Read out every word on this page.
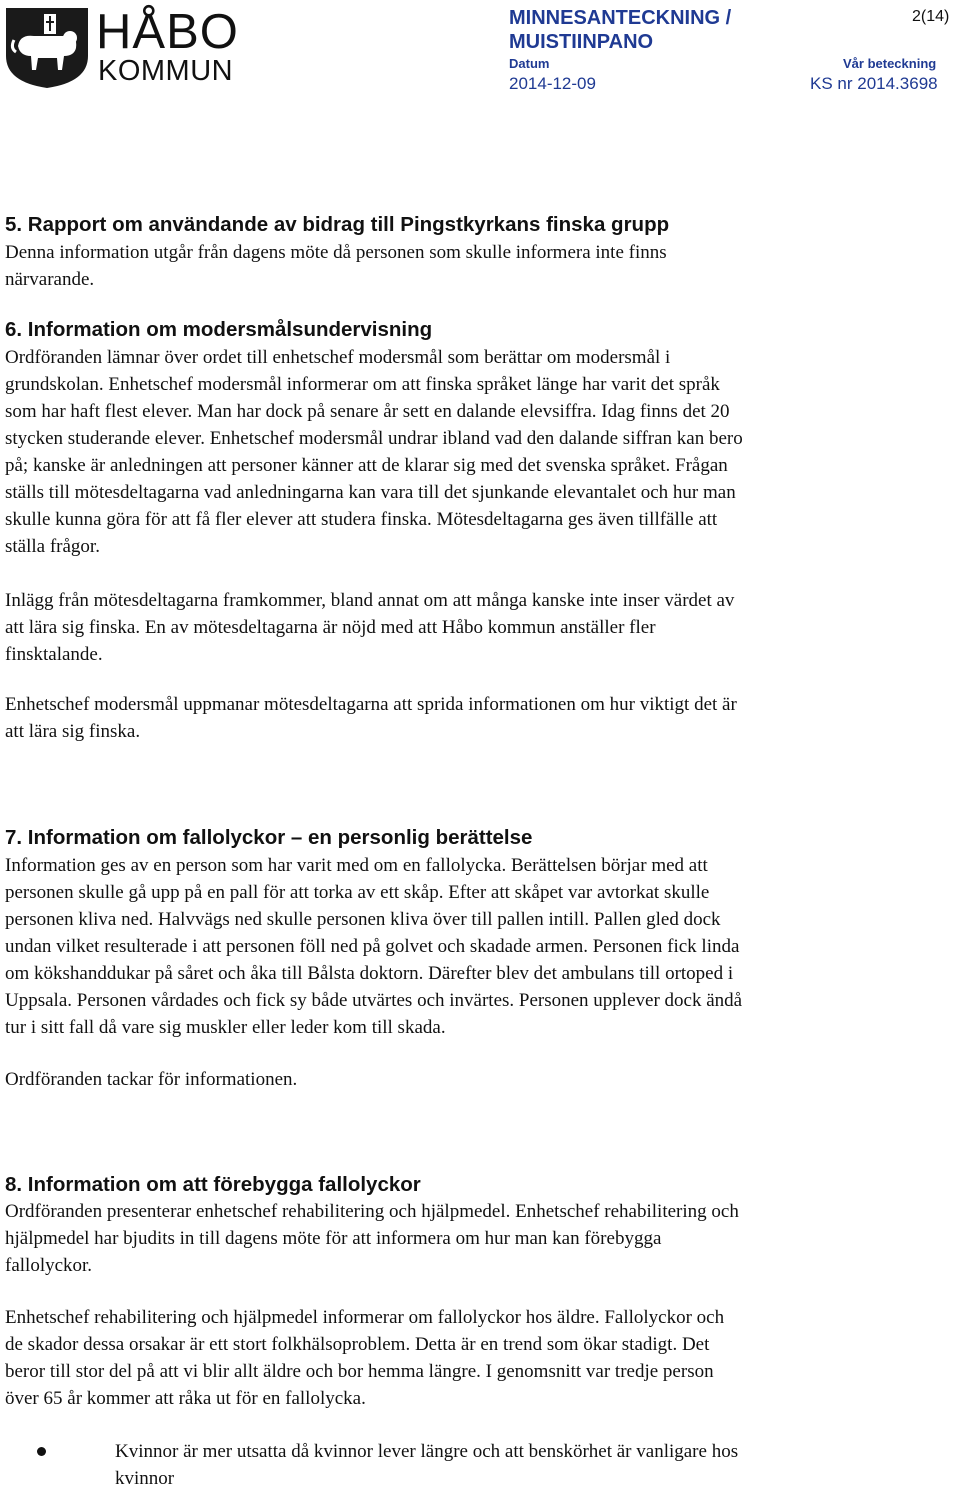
HÅBO
KOMMUN
MINNESANTECKNING /
MUISTIINPANO
2(14)
Datum	Vår beteckning
2014-12-09	KS nr 2014.3698
5. Rapport om användande av bidrag till Pingstkyrkans finska grupp

Denna information utgår från dagens möte då personen som skulle informera inte finns
närvarande.

6. Information om modersmålsundervisning

Ordföranden lämnar över ordet till enhetschef modersmål som berättar om modersmål i
grundskolan. Enhetschef modersmål informerar om att finska språket länge har varit det språk
som har haft flest elever. Man har dock på senare år sett en dalande elevsiffra. Idag finns det 20
stycken studerande elever. Enhetschef modersmål undrar ibland vad den dalande siffran kan bero
på; kanske är anledningen att personer känner att de klarar sig med det svenska språket. Frågan
ställs till mötesdeltagarna vad anledningarna kan vara till det sjunkande elevantalet och hur man
skulle kunna göra för att få fler elever att studera finska. Mötesdeltagarna ges även tillfälle att
ställa frågor.

Inlägg från mötesdeltagarna framkommer, bland annat om att många kanske inte inser värdet av
att lära sig finska. En av mötesdeltagarna är nöjd med att Håbo kommun anställer fler
finsktalande.

Enhetschef modersmål uppmanar mötesdeltagarna att sprida informationen om hur viktigt det är
att lära sig finska.

7. Information om fallolyckor – en personlig berättelse

Information ges av en person som har varit med om en fallolycka. Berättelsen börjar med att
personen skulle gå upp på en pall för att torka av ett skåp. Efter att skåpet var avtorkat skulle
personen kliva ned. Halvvägs ned skulle personen kliva över till pallen intill. Pallen gled dock
undan vilket resulterade i att personen föll ned på golvet och skadade armen. Personen fick linda
om kökshanddukar på såret och åka till Bålsta doktorn. Därefter blev det ambulans till ortoped i
Uppsala. Personen vårdades och fick sy både utvärtes och invärtes. Personen upplever dock ändå
tur i sitt fall då vare sig muskler eller leder kom till skada.

Ordföranden tackar för informationen.

8. Information om att förebygga fallolyckor

Ordföranden presenterar enhetschef rehabilitering och hjälpmedel. Enhetschef rehabilitering och
hjälpmedel har bjudits in till dagens möte för att informera om hur man kan förebygga
fallolyckor.

Enhetschef rehabilitering och hjälpmedel informerar om fallolyckor hos äldre. Fallolyckor och
de skador dessa orsakar är ett stort folkhälsoproblem. Detta är en trend som ökar stadigt. Det
beror till stor del på att vi blir allt äldre och bor hemma längre. I genomsnitt var tredje person
över 65 år kommer att råka ut för en fallolycka.

Kvinnor är mer utsatta då kvinnor lever längre och att benskörhet är vanligare hos
kvinnor
